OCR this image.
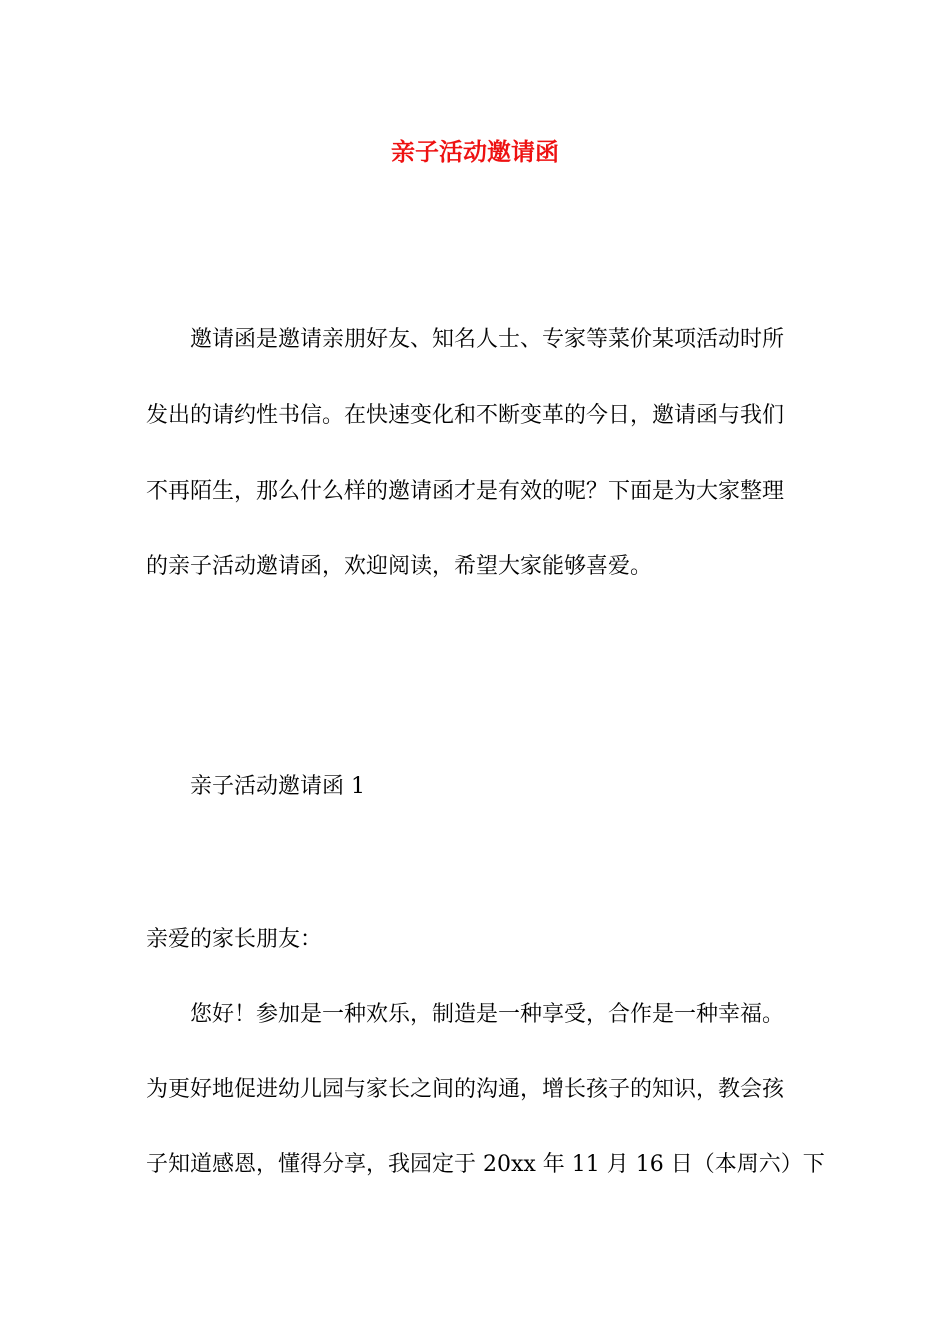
亲子活动邀请函
邀请函是邀请亲朋好友、知名人士、专家等菜价某项活动时所
发出的请约性书信。在快速变化和不断变革的今日，邀请函与我们
不再陌生，那么什么样的邀请函才是有效的呢？下面是为大家整理
的亲子活动邀请函，欢迎阅读，希望大家能够喜爱。
亲子活动邀请函 1
亲爱的家长朋友：
您好！参加是一种欢乐，制造是一种享受，合作是一种幸福。
为更好地促进幼儿园与家长之间的沟通，增长孩子的知识，教会孩
子知道感恩，懂得分享，我园定于 20xx 年 11 月 16 日（本周六）下
